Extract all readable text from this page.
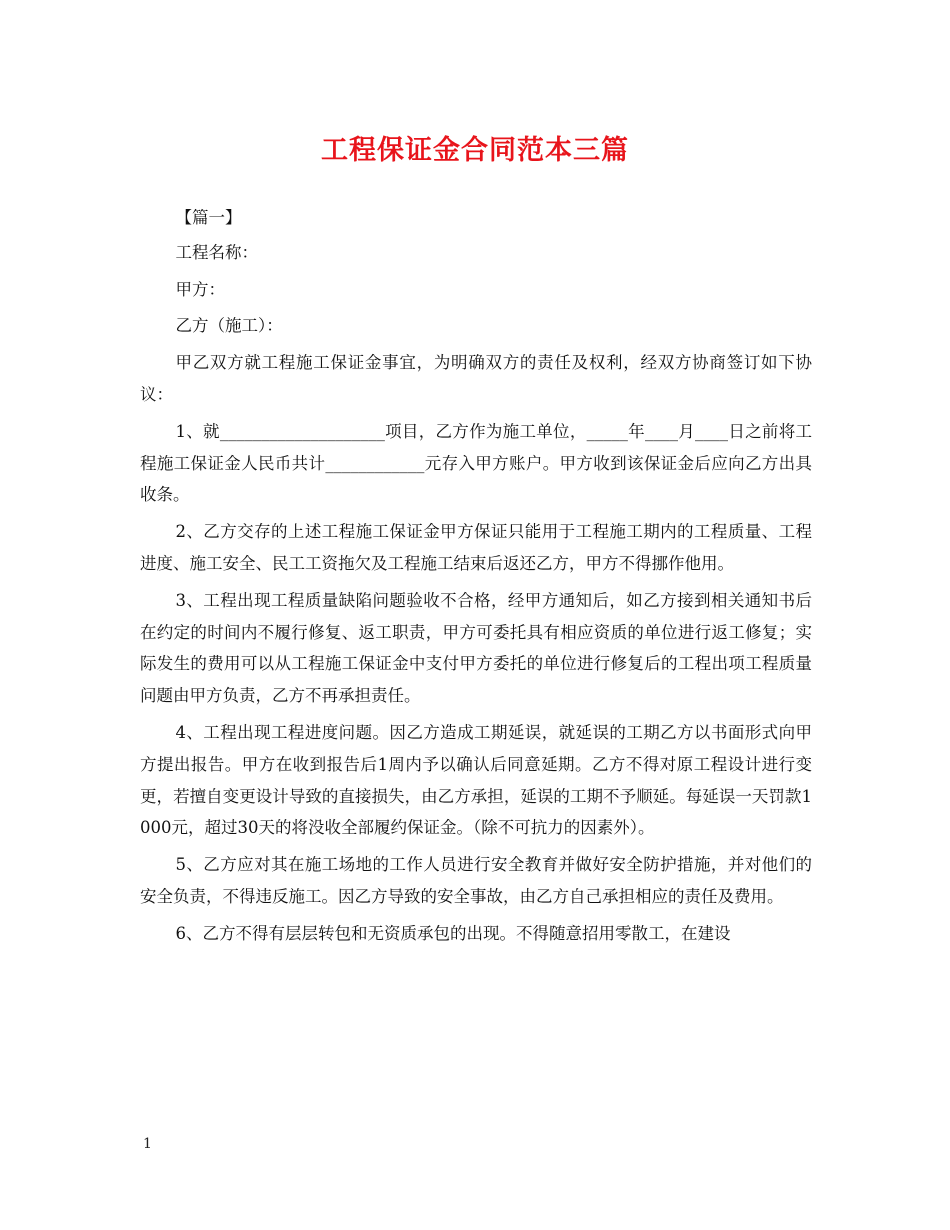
工程保证金合同范本三篇

【篇一】

工程名称：

甲方：

乙方（施工）：

甲乙双方就工程施工保证金事宜，为明确双方的责任及权利，经双方协商签订如下协议：

1、就____________________项目，乙方作为施工单位，_____年____月____日之前将工程施工保证金人民币共计____________元存入甲方账户。甲方收到该保证金后应向乙方出具收条。

2、乙方交存的上述工程施工保证金甲方保证只能用于工程施工期内的工程质量、工程进度、施工安全、民工工资拖欠及工程施工结束后返还乙方，甲方不得挪作他用。

3、工程出现工程质量缺陷问题验收不合格，经甲方通知后，如乙方接到相关通知书后在约定的时间内不履行修复、返工职责，甲方可委托具有相应资质的单位进行返工修复；实际发生的费用可以从工程施工保证金中支付甲方委托的单位进行修复后的工程出项工程质量问题由甲方负责，乙方不再承担责任。

4、工程出现工程进度问题。因乙方造成工期延误，就延误的工期乙方以书面形式向甲方提出报告。甲方在收到报告后1周内予以确认后同意延期。乙方不得对原工程设计进行变更，若擅自变更设计导致的直接损失，由乙方承担，延误的工期不予顺延。每延误一天罚款1000元，超过30天的将没收全部履约保证金。（除不可抗力的因素外）。

5、乙方应对其在施工场地的工作人员进行安全教育并做好安全防护措施，并对他们的安全负责，不得违反施工。因乙方导致的安全事故，由乙方自己承担相应的责任及费用。

6、乙方不得有层层转包和无资质承包的出现。不得随意招用零散工，在建设

1
